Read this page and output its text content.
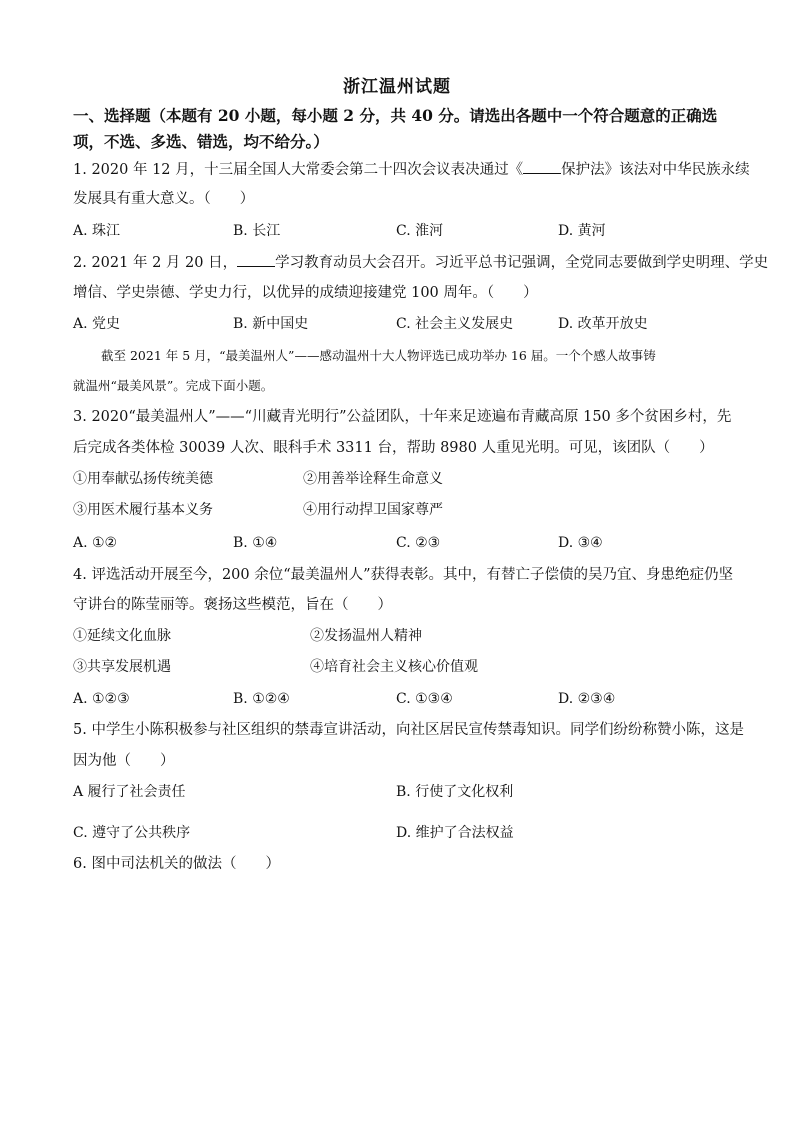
浙江温州试题
一、选择题（本题有 20 小题，每小题 2 分，共 40 分。请选出各题中一个符合题意的正确选
项，不选、多选、错选，均不给分。）
1. 2020 年 12 月，十三届全国人大常委会第二十四次会议表决通过《	保护法》该法对中华民族永续
发展具有重大意义。（　　）
A. 珠江	B. 长江	C. 淮河	D. 黄河
2. 2021 年 2 月 20 日，	学习教育动员大会召开。习近平总书记强调，全党同志要做到学史明理、学史
增信、学史崇德、学史力行，以优异的成绩迎接建党 100 周年。（　　）
A. 党史	B. 新中国史	C. 社会主义发展史	D. 改革开放史
截至 2021 年 5 月，“最美温州人”——感动温州十大人物评选已成功举办 16 届。一个个感人故事铸
就温州“最美风景”。完成下面小题。
3. 2020“最美温州人”——“川藏青光明行”公益团队，十年来足迹遍布青藏高原 150 多个贫困乡村，先
后完成各类体检 30039 人次、眼科手术 3311 台，帮助 8980 人重见光明。可见，该团队（　　）
①用奉献弘扬传统美德	②用善举诠释生命意义
③用医术履行基本义务	④用行动捍卫国家尊严
A. ①②	B. ①④	C. ②③	D. ③④
4. 评选活动开展至今，200 余位“最美温州人”获得表彰。其中，有替亡子偿债的吴乃宜、身患绝症仍坚
守讲台的陈莹丽等。褒扬这些模范，旨在（　　）
①延续文化血脉	②发扬温州人精神
③共享发展机遇	④培育社会主义核心价值观
A. ①②③	B. ①②④	C. ①③④	D. ②③④
5. 中学生小陈积极参与社区组织的禁毒宣讲活动，向社区居民宣传禁毒知识。同学们纷纷称赞小陈，这是
因为他（　　）
A 履行了社会责任	B. 行使了文化权利
C. 遵守了公共秩序	D. 维护了合法权益
6. 图中司法机关的做法（　　）
